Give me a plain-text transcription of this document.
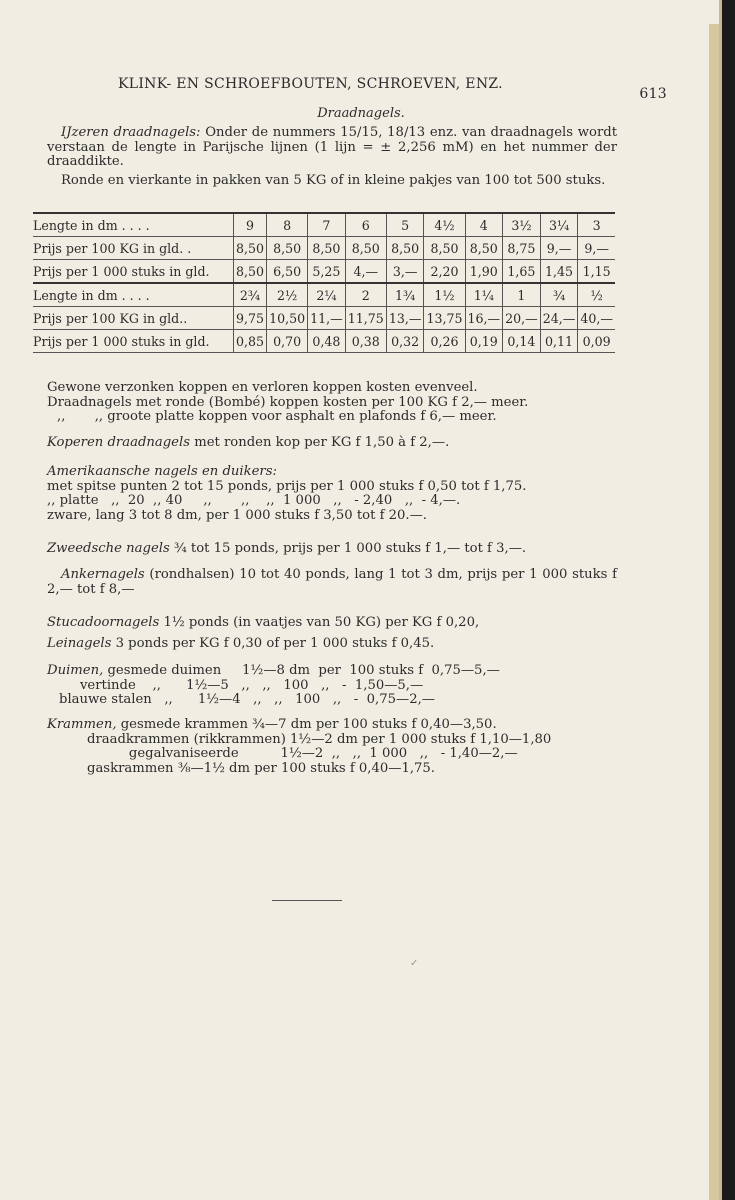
KLINK- EN SCHROEFBOUTEN, SCHROEVEN, ENZ.
613
Draadnagels.
IJzeren draadnagels: Onder de nummers 15/15, 18/13 enz. van draadnagels wordt verstaan de lengte in Parijsche lijnen (1 lijn = ± 2,256 mM) en het nummer der draaddikte.
Ronde en vierkante in pakken van 5 KG of in kleine pakjes van 100 tot 500 stuks.
Lengte in dm . . . .	9	8	7	6	5	4½	4	3½	3¼	3
Prijs per 100 KG in gld. .	8,50	8,50	8,50	8,50	8,50	8,50	8,50	8,75	9,—	9,—
Prijs per 1 000 stuks in gld.	8,50	6,50	5,25	4,—	3,—	2,20	1,90	1,65	1,45	1,15
Lengte in dm . . . .	2¾	2½	2¼	2	1¾	1½	1¼	1	¾	½
Prijs per 100 KG in gld..	9,75	10,50	11,—	11,75	13,—	13,75	16,—	20,—	24,—	40,—
Prijs per 1 000 stuks in gld.	0,85	0,70	0,48	0,38	0,32	0,26	0,19	0,14	0,11	0,09
Gewone verzonken koppen en verloren koppen kosten evenveel.
Draadnagels met ronde (Bombé) koppen kosten per 100 KG f 2,— meer.
,,       ,, groote platte koppen voor asphalt en plafonds f 6,— meer.
Koperen draadnagels met ronden kop per KG f 1,50 à f 2,—.
Amerikaansche nagels en duikers:
met spitse punten 2 tot 15 ponds, prijs per 1 000 stuks f 0,50 tot f 1,75.
,, platte   ,,  20  ,, 40     ,,       ,,    ,,  1 000   ,,   - 2,40   ,,  - 4,—.
zware, lang 3 tot 8 dm, per 1 000 stuks f 3,50 tot f 20.—.
Zweedsche nagels ¾ tot 15 ponds, prijs per 1 000 stuks f 1,— tot f 3,—.
Ankernagels (rondhalsen) 10 tot 40 ponds, lang 1 tot 3 dm, prijs per 1 000 stuks f 2,— tot f 8,—
Stucadoornagels 1½ ponds (in vaatjes van 50 KG) per KG f 0,20,
Leinagels 3 ponds per KG f 0,30 of per 1 000 stuks f 0,45.
Duimen, gesmede duimen     1½—8 dm  per  100 stuks f  0,75—5,—
vertinde    ,,      1½—5   ,,   ,,   100   ,,   -  1,50—5,—
blauwe stalen   ,,      1½—4   ,,   ,,   100   ,,   -  0,75—2,—
Krammen, gesmede krammen ¾—7 dm per 100 stuks f 0,40—3,50.
draadkrammen (rikkrammen) 1½—2 dm per 1 000 stuks f 1,10—1,80
gegalvaniseerde          1½—2  ,,   ,,  1 000   ,,   - 1,40—2,—
gaskrammen ⅜—1½ dm per 100 stuks f 0,40—1,75.
✓
